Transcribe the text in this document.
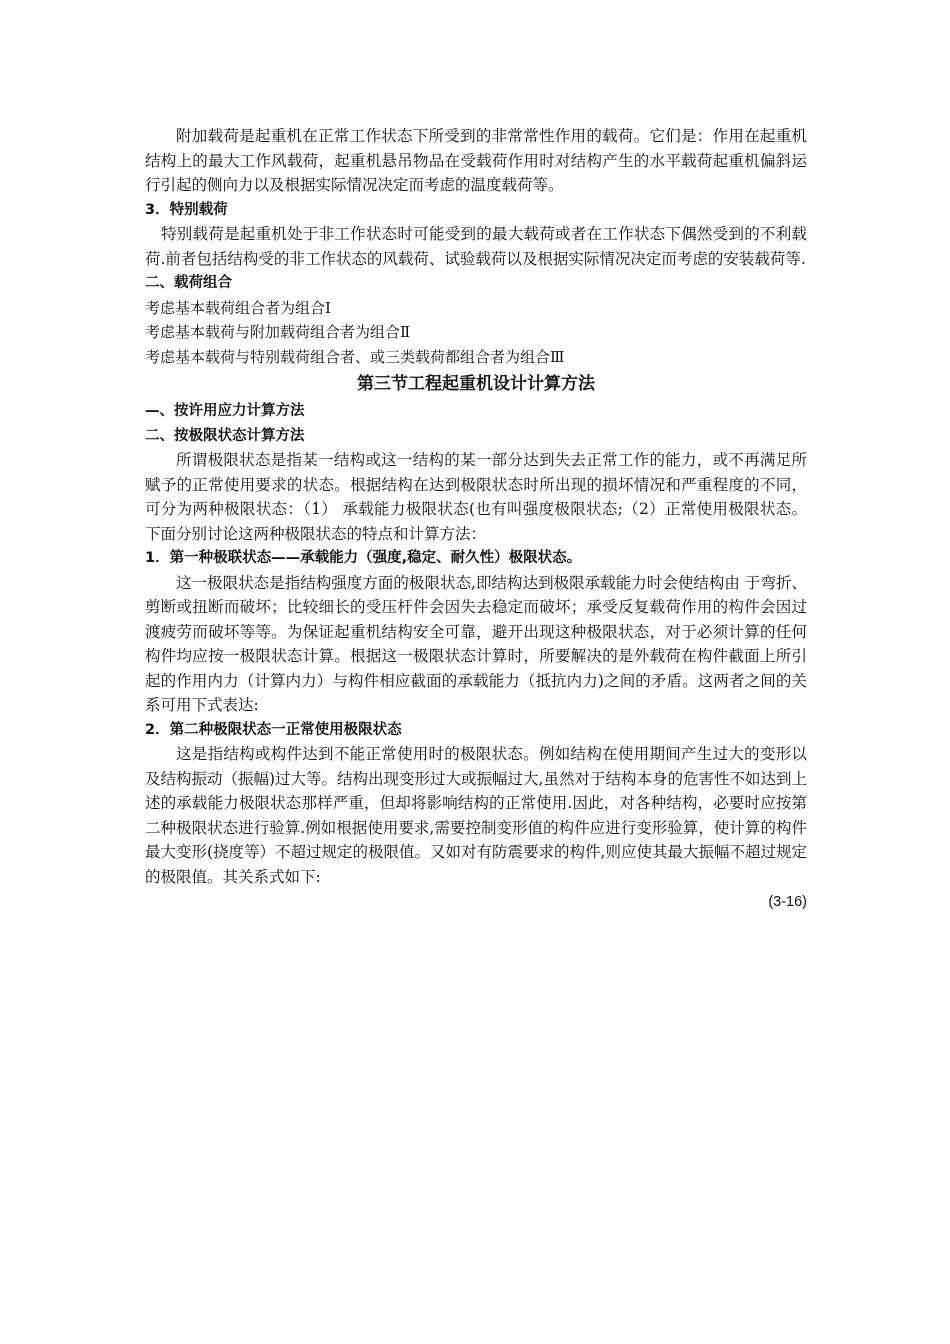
附加载荷是起重机在正常工作状态下所受到的非常常性作用的载荷。它们是：作用在起重机结构上的最大工作风载荷，起重机悬吊物品在受载荷作用时对结构产生的水平载荷起重机偏斜运行引起的侧向力以及根据实际情况决定而考虑的温度载荷等。

3．特别载荷

特别载荷是起重机处于非工作状态时可能受到的最大载荷或者在工作状态下偶然受到的不利载荷.前者包括结构受的非工作状态的风载荷、试验载荷以及根据实际情况决定而考虑的安装载荷等.

二、载荷组合

考虑基本载荷组合者为组合Ⅰ

考虑基本载荷与附加载荷组合者为组合Ⅱ

考虑基本载荷与特别载荷组合者、或三类载荷都组合者为组合Ⅲ

第三节工程起重机设计计算方法

—、按许用应力计算方法

二、按极限状态计算方法

所谓极限状态是指某一结构或这一结构的某一部分达到失去正常工作的能力，或不再满足所赋予的正常使用要求的状态。根据结构在达到极限状态时所出现的损坏情况和严重程度的不同，可分为两种极限状态：（1） 承载能力极限状态(也有叫强度极限状态;（2）正常使用极限状态。下面分别讨论这两种极限状态的特点和计算方法：

1．第一种极联状态——承载能力（强度,稳定、耐久性）极限状态。

这一极限状态是指结构强度方面的极限状态,即结构达到极限承载能力时会使结构由 于弯折、剪断或扭断而破坏；比较细长的受压杆件会因失去稳定而破坏；承受反复载荷作用的构件会因过渡疲劳而破坏等等。为保证起重机结构安全可靠，避开出现这种极限状态，对于必须计算的任何构件均应按一极限状态计算。根据这一极限状态计算时，所要解决的是外载荷在构件截面上所引起的作用内力（计算内力）与构件相应截面的承载能力（抵抗内力)之间的矛盾。这两者之间的关系可用下式表达:

2．第二种极限状态一正常使用极限状态

这是指结构或构件达到不能正常使用时的极限状态。例如结构在使用期间产生过大的变形以及结构振动（振幅)过大等。结构出现变形过大或振幅过大,虽然对于结构本身的危害性不如达到上述的承载能力极限状态那样严重，但却将影响结构的正常使用.因此，对各种结构，必要时应按第二种极限状态进行验算.例如根据使用要求,需要控制变形值的构件应进行变形验算，使计算的构件最大变形(挠度等）不超过规定的极限值。又如对有防震要求的构件,则应使其最大振幅不超过规定的极限值。其关系式如下:

(3-16)
